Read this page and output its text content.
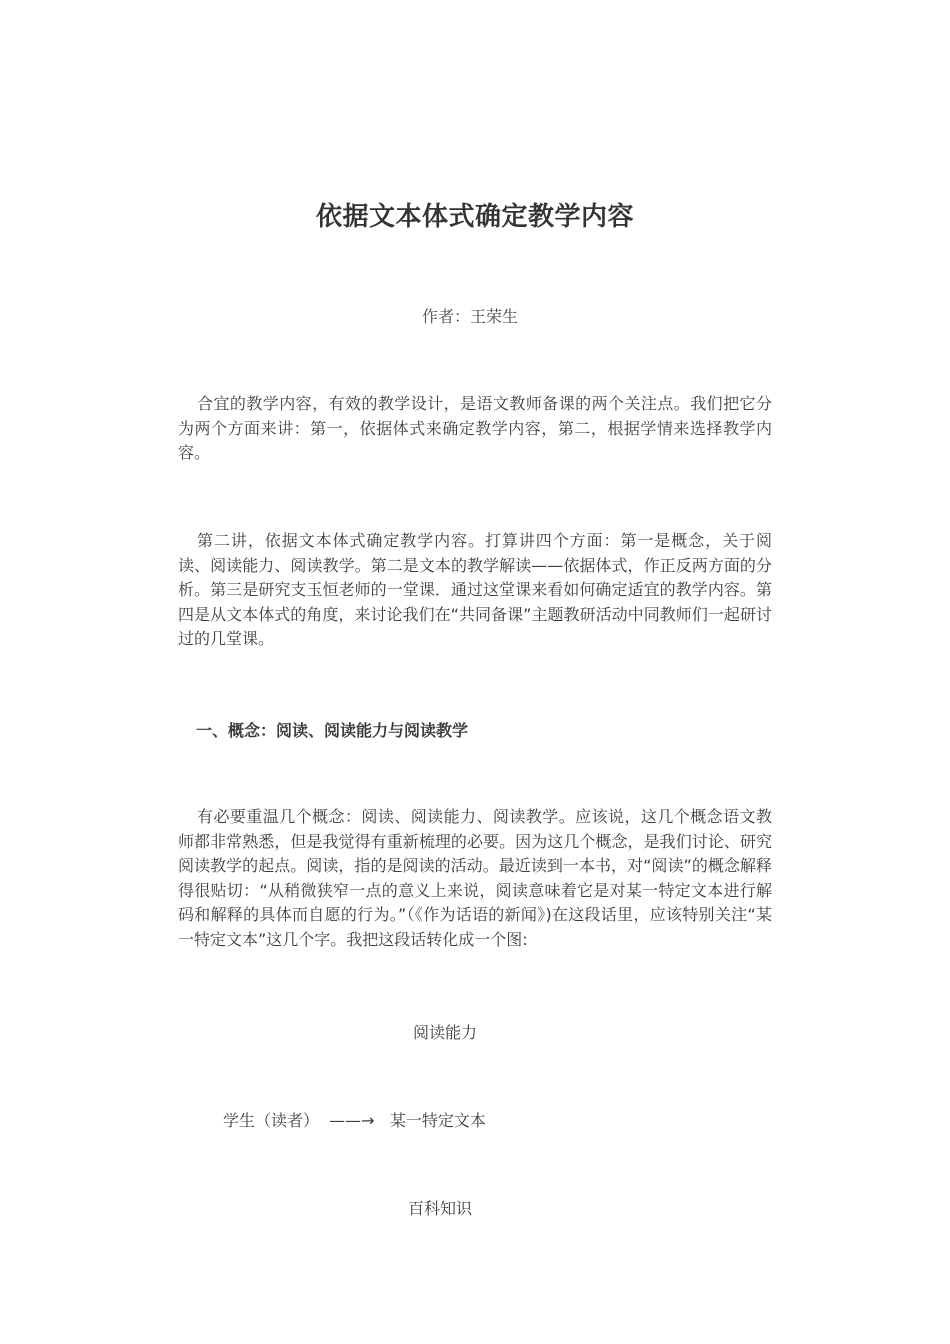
依据文本体式确定教学内容
作者：王荣生
合宜的教学内容，有效的教学设计，是语文教师备课的两个关注点。我们把它分为两个方面来讲：第一，依据体式来确定教学内容，第二，根据学情来选择教学内容。
第二讲，依据文本体式确定教学内容。打算讲四个方面：第一是概念，关于阅读、阅读能力、阅读教学。第二是文本的教学解读——依据体式，作正反两方面的分析。第三是研究支玉恒老师的一堂课．通过这堂课来看如何确定适宜的教学内容。第四是从文本体式的角度，来讨论我们在“共同备课”主题教研活动中同教师们一起研讨过的几堂课。
一、概念：阅读、阅读能力与阅读教学
有必要重温几个概念：阅读、阅读能力、阅读教学。应该说，这几个概念语文教师都非常熟悉，但是我觉得有重新梳理的必要。因为这几个概念，是我们讨论、研究阅读教学的起点。阅读，指的是阅读的活动。最近读到一本书，对“阅读”的概念解释得很贴切：“从稍微狭窄一点的意义上来说，阅读意味着它是对某一特定文本进行解码和解释的具体而自愿的行为。”（《作为话语的新闻》)在这段话里，应该特别关注“某一特定文本”这几个字。我把这段话转化成一个图:
阅读能力
学生（读者）  ——→   某一特定文本
百科知识
